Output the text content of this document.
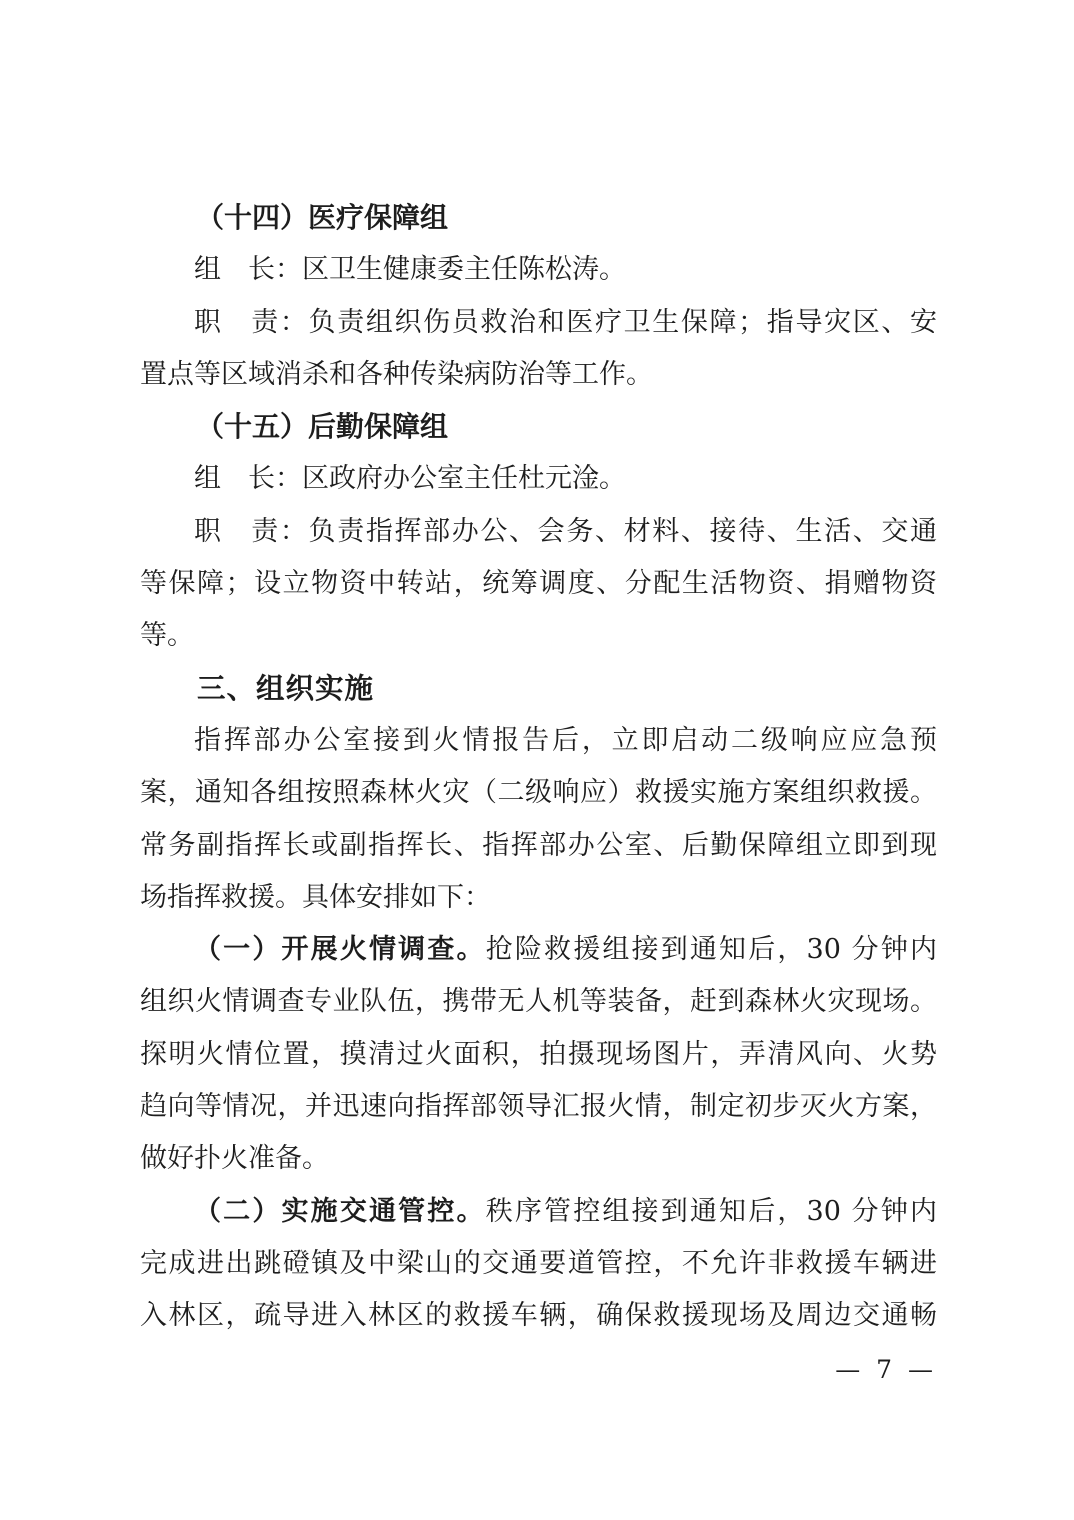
（十四）医疗保障组
组　长：区卫生健康委主任陈松涛。
职　责：负责组织伤员救治和医疗卫生保障；指导灾区、安
置点等区域消杀和各种传染病防治等工作。
（十五）后勤保障组
组　长：区政府办公室主任杜元淦。
职　责：负责指挥部办公、会务、材料、接待、生活、交通
等保障；设立物资中转站，统筹调度、分配生活物资、捐赠物资
等。
三、组织实施
指挥部办公室接到火情报告后，立即启动二级响应应急预
案，通知各组按照森林火灾（二级响应）救援实施方案组织救援。
常务副指挥长或副指挥长、指挥部办公室、后勤保障组立即到现
场指挥救援。具体安排如下：
（一）开展火情调查。抢险救援组接到通知后，30 分钟内
组织火情调查专业队伍，携带无人机等装备，赶到森林火灾现场。
探明火情位置，摸清过火面积，拍摄现场图片，弄清风向、火势
趋向等情况，并迅速向指挥部领导汇报火情，制定初步灭火方案，
做好扑火准备。
（二）实施交通管控。秩序管控组接到通知后，30 分钟内
完成进出跳磴镇及中梁山的交通要道管控，不允许非救援车辆进
入林区，疏导进入林区的救援车辆，确保救援现场及周边交通畅
— 7 —
